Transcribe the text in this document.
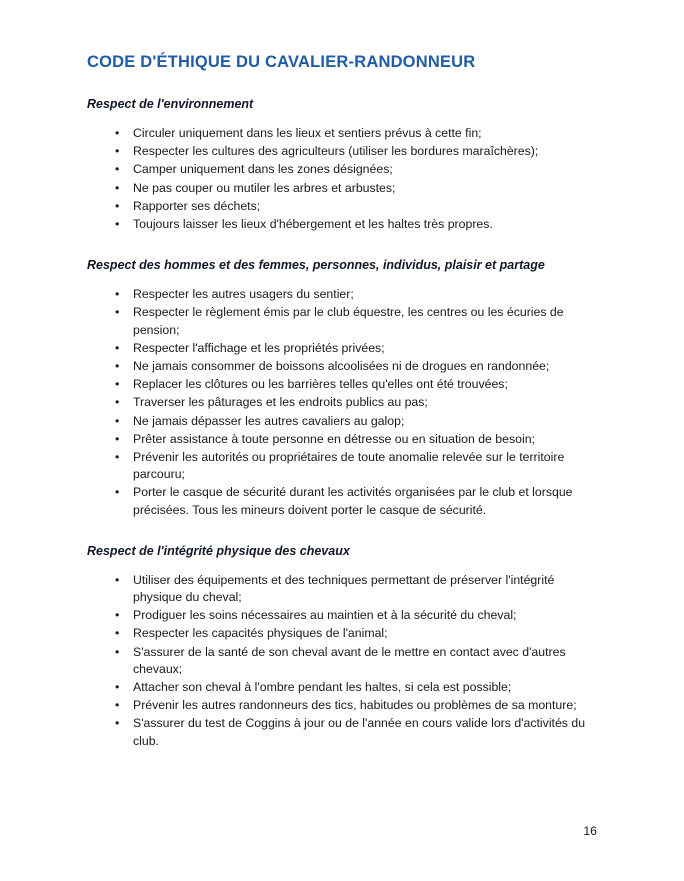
CODE D'ÉTHIQUE DU CAVALIER-RANDONNEUR
Respect de l'environnement
• Circuler uniquement dans les lieux et sentiers prévus à cette fin;
• Respecter les cultures des agriculteurs (utiliser les bordures maraîchères);
• Camper uniquement dans les zones désignées;
• Ne pas couper ou mutiler les arbres et arbustes;
• Rapporter ses déchets;
• Toujours laisser les lieux d'hébergement et les haltes très propres.
Respect des hommes et des femmes, personnes, individus, plaisir et partage
• Respecter les autres usagers du sentier;
• Respecter le règlement émis par le club équestre, les centres ou les écuries de pension;
• Respecter l'affichage et les propriétés privées;
• Ne jamais consommer de boissons alcoolisées ni de drogues en randonnée;
• Replacer les clôtures ou les barrières telles qu'elles ont été trouvées;
• Traverser les pâturages et les endroits publics au pas;
• Ne jamais dépasser les autres cavaliers au galop;
• Prêter assistance à toute personne en détresse ou en situation de besoin;
• Prévenir les autorités ou propriétaires de toute anomalie relevée sur le territoire parcouru;
• Porter le casque de sécurité durant les activités organisées par le club et lorsque précisées. Tous les mineurs doivent porter le casque de sécurité.
Respect de l'intégrité physique des chevaux
• Utiliser des équipements et des techniques permettant de préserver l'intégrité physique du cheval;
• Prodiguer les soins nécessaires au maintien et à la sécurité du cheval;
• Respecter les capacités physiques de l'animal;
• S'assurer de la santé de son cheval avant de le mettre en contact avec d'autres chevaux;
• Attacher son cheval à l'ombre pendant les haltes, si cela est possible;
• Prévenir les autres randonneurs des tics, habitudes ou problèmes de sa monture;
• S'assurer du test de Coggins à jour ou de l'année en cours valide lors d'activités du club.
16
